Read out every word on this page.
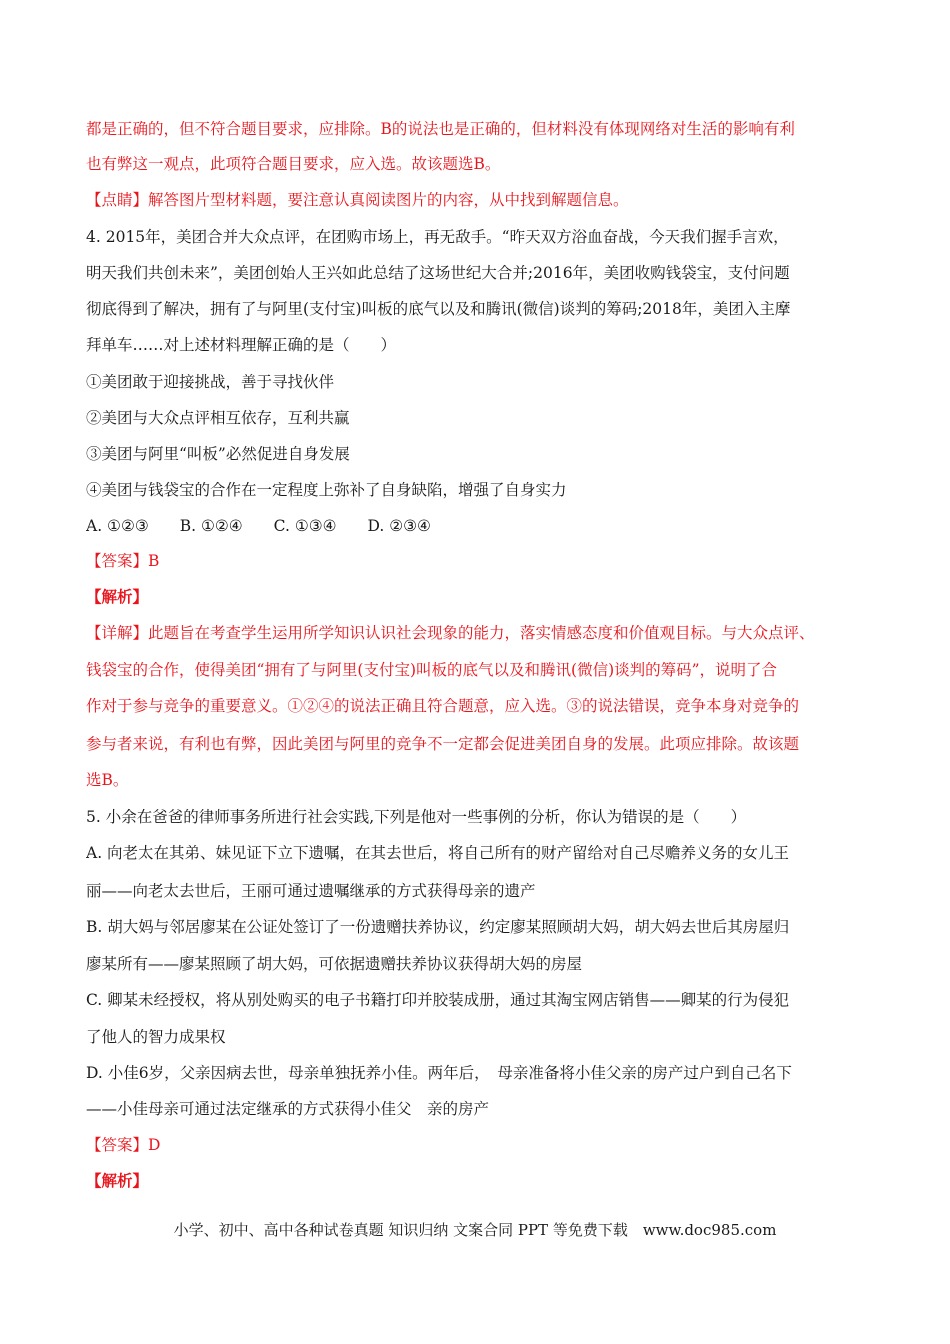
都是正确的，但不符合题目要求，应排除。B的说法也是正确的，但材料没有体现网络对生活的影响有利
也有弊这一观点，此项符合题目要求，应入选。故该题选B。
【点睛】解答图片型材料题，要注意认真阅读图片的内容，从中找到解题信息。
4. 2015年，美团合并大众点评，在团购市场上，再无敌手。“昨天双方浴血奋战，今天我们握手言欢，
明天我们共创未来”，美团创始人王兴如此总结了这场世纪大合并;2016年，美团收购钱袋宝，支付问题
彻底得到了解决，拥有了与阿里(支付宝)叫板的底气以及和腾讯(微信)谈判的筹码;2018年，美团入主摩
拜单车……对上述材料理解正确的是（　　）
①美团敢于迎接挑战，善于寻找伙伴
②美团与大众点评相互依存，互利共赢
③美团与阿里“叫板”必然促进自身发展
④美团与钱袋宝的合作在一定程度上弥补了自身缺陷，增强了自身实力
A. ①②③　　B. ①②④　　C. ①③④　　D. ②③④
【答案】B
【解析】
【详解】此题旨在考查学生运用所学知识认识社会现象的能力，落实情感态度和价值观目标。与大众点评、
钱袋宝的合作，使得美团“拥有了与阿里(支付宝)叫板的底气以及和腾讯(微信)谈判的筹码”，说明了合
作对于参与竞争的重要意义。①②④的说法正确且符合题意，应入选。③的说法错误，竞争本身对竞争的
参与者来说，有利也有弊，因此美团与阿里的竞争不一定都会促进美团自身的发展。此项应排除。故该题
选B。
5. 小余在爸爸的律师事务所进行社会实践,下列是他对一些事例的分析，你认为错误的是（　　）
A. 向老太在其弟、妹见证下立下遗嘱，在其去世后，将自己所有的财产留给对自己尽赡养义务的女儿王
丽——向老太去世后，王丽可通过遗嘱继承的方式获得母亲的遗产
B. 胡大妈与邻居廖某在公证处签订了一份遗赠扶养协议，约定廖某照顾胡大妈，胡大妈去世后其房屋归
廖某所有——廖某照顾了胡大妈，可依据遗赠扶养协议获得胡大妈的房屋
C. 卿某未经授权，将从别处购买的电子书籍打印并胶装成册，通过其淘宝网店销售——卿某的行为侵犯
了他人的智力成果权
D. 小佳6岁，父亲因病去世，母亲单独抚养小佳。两年后，　母亲准备将小佳父亲的房产过户到自己名下
——小佳母亲可通过法定继承的方式获得小佳父　亲的房产
【答案】D
【解析】
小学、初中、高中各种试卷真题 知识归纳 文案合同 PPT 等免费下载　www.doc985.com
